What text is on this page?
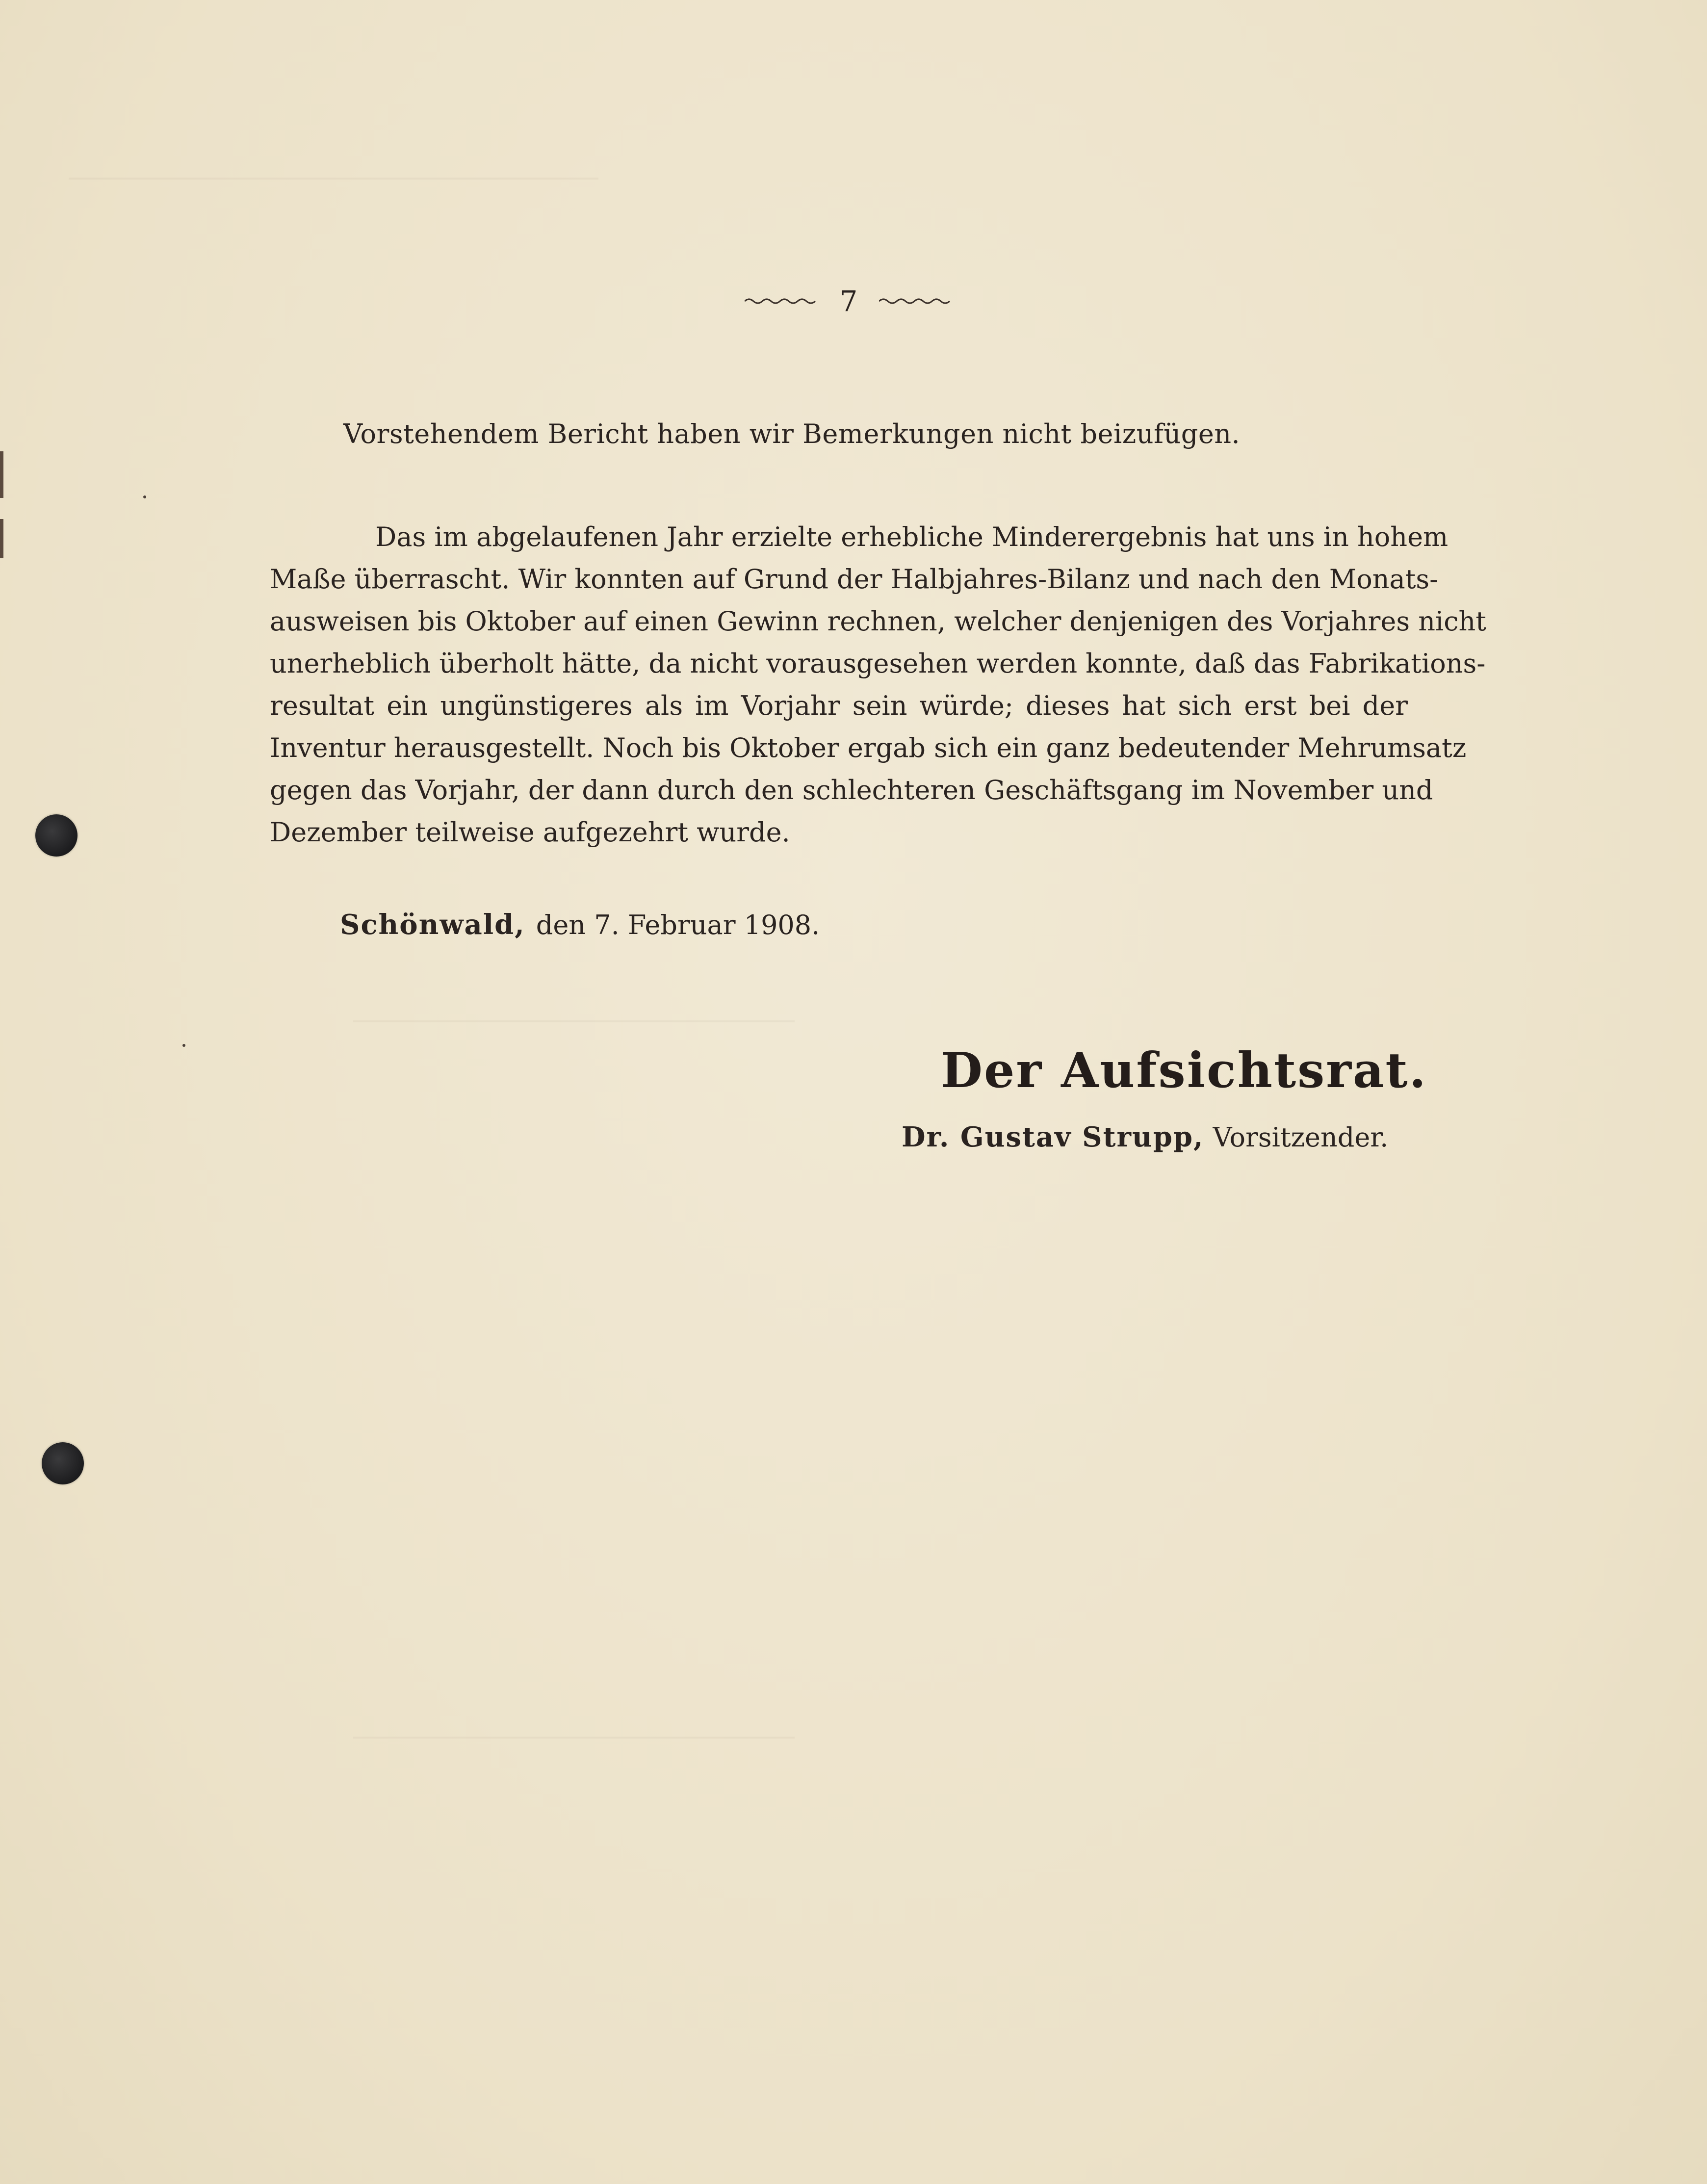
7
Vorstehendem Bericht haben wir Bemerkungen nicht beizufügen.
Das im abgelaufenen Jahr erzielte erhebliche Minderergebnis hat uns in hohem
Maße überrascht. Wir konnten auf Grund der Halbjahres-Bilanz und nach den Monats-
ausweisen bis Oktober auf einen Gewinn rechnen, welcher denjenigen des Vorjahres nicht
unerheblich überholt hätte, da nicht vorausgesehen werden konnte, daß das Fabrikations-
resultat ein ungünstigeres als im Vorjahr sein würde; dieses hat sich erst bei der
Inventur herausgestellt. Noch bis Oktober ergab sich ein ganz bedeutender Mehrumsatz
gegen das Vorjahr, der dann durch den schlechteren Geschäftsgang im November und
Dezember teilweise aufgezehrt wurde.
Schönwald, den 7. Februar 1908.
Der Aufsichtsrat.
Dr. Gustav Strupp, Vorsitzender.
